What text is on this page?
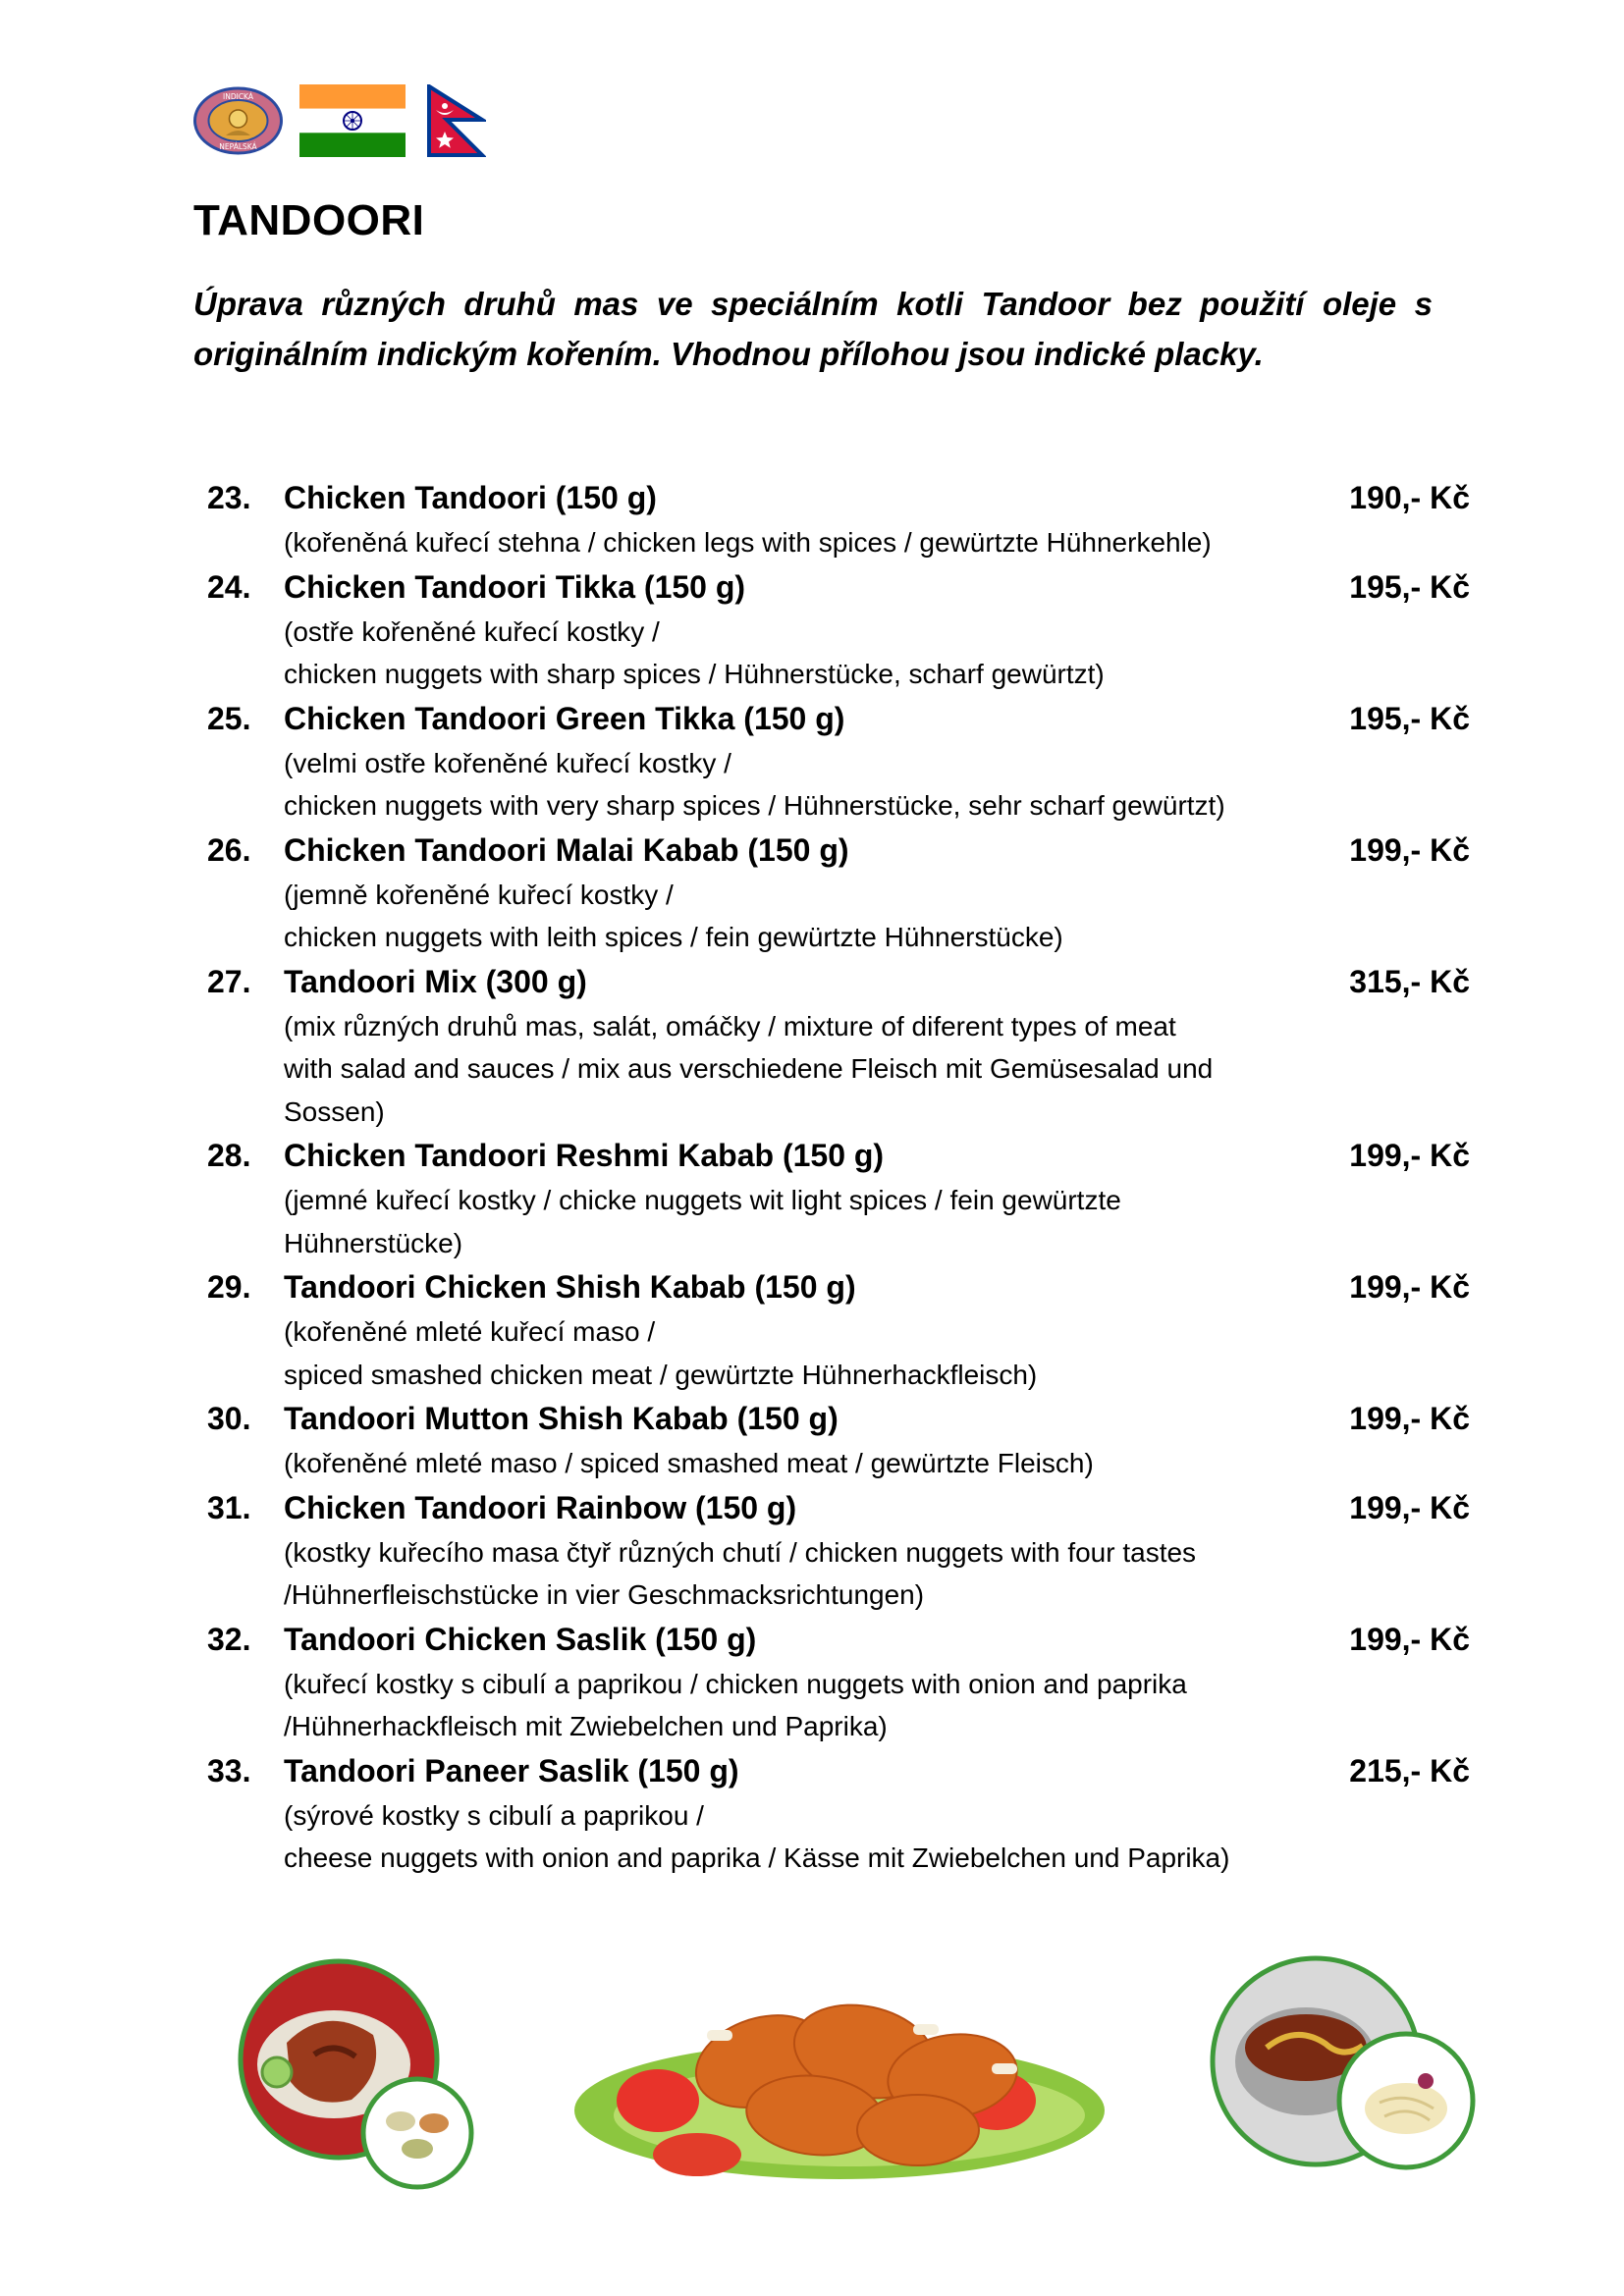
INDICKÁ
NEPÁLSKÁ
TANDOORI

Úprava různých druhů mas ve speciálním kotli Tandoor bez použití oleje s originálním indickým kořením. Vhodnou přílohou jsou indické placky.

23. Chicken Tandoori (150 g)	190,- Kč
(kořeněná kuřecí stehna / chicken legs with spices / gewürtzte Hühnerkehle)
24. Chicken Tandoori Tikka (150 g)	195,- Kč
(ostře kořeněné kuřecí kostky /
chicken nuggets with sharp spices / Hühnerstücke, scharf gewürtzt)
25. Chicken Tandoori Green Tikka (150 g)	195,- Kč
(velmi ostře kořeněné kuřecí kostky /
chicken nuggets with very sharp spices / Hühnerstücke, sehr scharf gewürtzt)
26. Chicken Tandoori Malai Kabab (150 g)	199,- Kč
(jemně kořeněné kuřecí kostky /
chicken nuggets with leith spices / fein gewürtzte Hühnerstücke)
27. Tandoori Mix (300 g)	315,- Kč
(mix různých druhů mas, salát, omáčky / mixture of diferent types of meat
with salad and sauces / mix aus verschiedene Fleisch mit Gemüsesalad und
Sossen)
28. Chicken Tandoori Reshmi Kabab (150 g)	199,- Kč
(jemné kuřecí kostky / chicke nuggets wit light spices / fein gewürtzte
Hühnerstücke)
29. Tandoori Chicken Shish Kabab (150 g)	199,- Kč
(kořeněné mleté kuřecí maso /
spiced smashed chicken meat / gewürtzte Hühnerhackfleisch)
30. Tandoori Mutton Shish Kabab (150 g)	199,- Kč
(kořeněné mleté maso / spiced smashed meat / gewürtzte Fleisch)
31. Chicken Tandoori Rainbow (150 g)	199,- Kč
(kostky kuřecího masa čtyř různých chutí / chicken nuggets with four tastes
/Hühnerfleischstücke in vier Geschmacksrichtungen)
32. Tandoori Chicken Saslik (150 g)	199,- Kč
(kuřecí kostky s cibulí a paprikou / chicken nuggets with onion and paprika
/Hühnerhackfleisch mit Zwiebelchen und Paprika)
33. Tandoori Paneer Saslik (150 g)	215,- Kč
(sýrové kostky s cibulí a paprikou /
cheese nuggets with onion and paprika / Kässe mit Zwiebelchen und Paprika)
